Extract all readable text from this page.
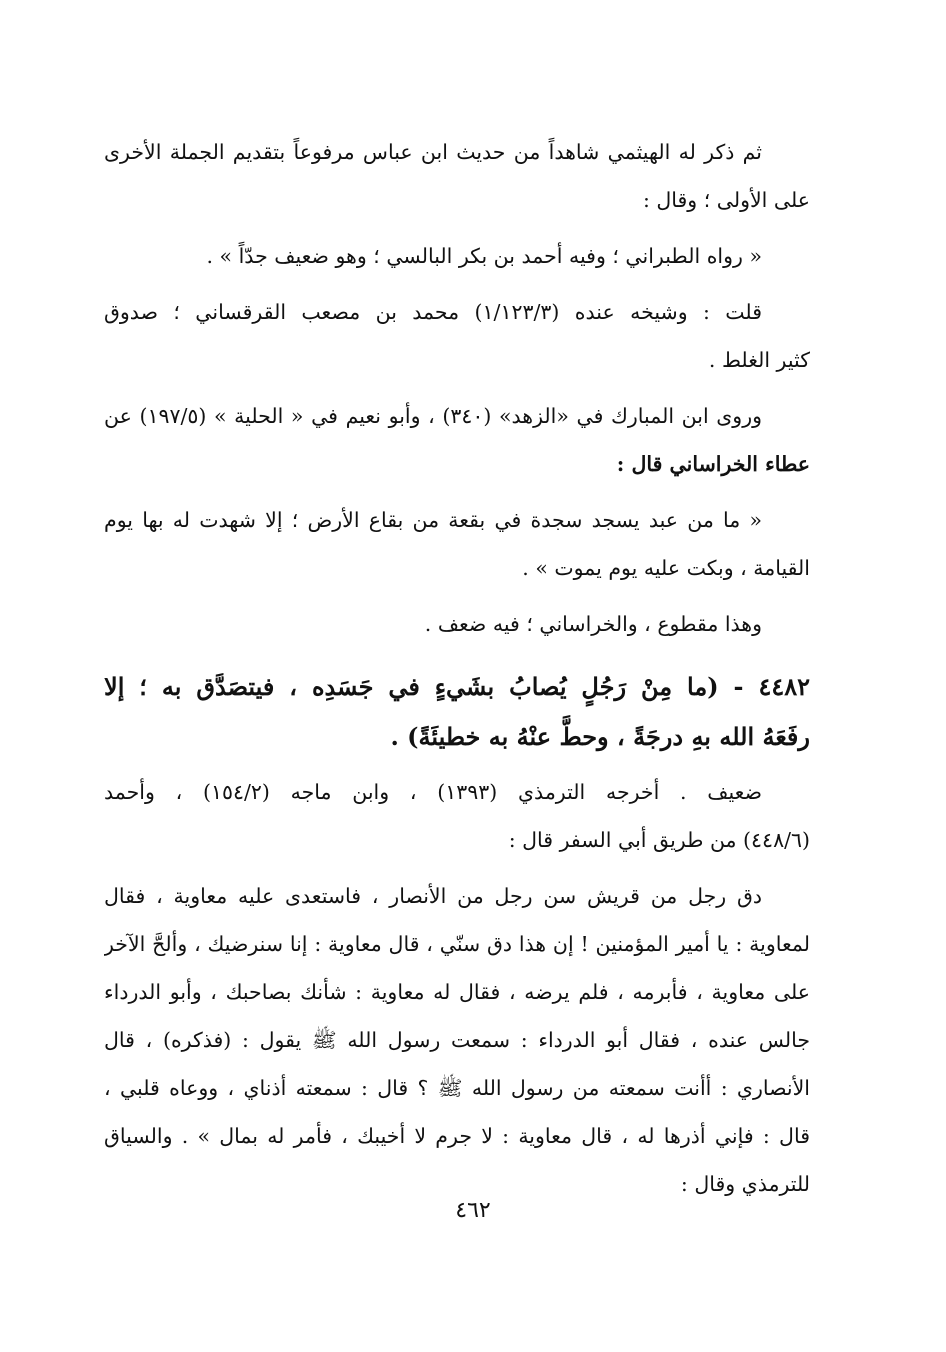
ثم ذكر له الهيثمي شاهداً من حديث ابن عباس مرفوعاً بتقديم الجملة الأخرى
على الأولى ؛ وقال :
« رواه الطبراني ؛ وفيه أحمد بن بكر البالسي ؛ وهو ضعيف جدّاً » .
قلت : وشيخه عنده (١/١٢٣/٣) محمد بن مصعب القرقساني ؛ صدوق
كثير الغلط .
وروى ابن المبارك في «الزهد» (٣٤٠) ، وأبو نعيم في « الحلية » (١٩٧/٥) عن
عطاء الخراساني قال :
« ما من عبد يسجد سجدة في بقعة من بقاع الأرض ؛ إلا شهدت له بها يوم
القيامة ، وبكت عليه يوم يموت » .
وهذا مقطوع ، والخراساني ؛ فيه ضعف .
٤٤٨٢ - (ما مِنْ رَجُلٍ يُصابُ بشَيءٍ في جَسَدِه ، فيتصَدَّق به ؛ إلا
رفَعَهُ الله بهِ درجَةً ، وحطَّ عنْهُ به خطيئَةً) .
ضعيف . أخرجه الترمذي (١٣٩٣) ، وابن ماجه (١٥٤/٢) ، وأحمد
(٤٤٨/٦) من طريق أبي السفر قال :
دق رجل من قريش سن رجل من الأنصار ، فاستعدى عليه معاوية ، فقال
لمعاوية : يا أمير المؤمنين ! إن هذا دق سنّي ، قال معاوية : إنا سنرضيك ، وألحَّ الآخر
على معاوية ، فأبرمه ، فلم يرضه ، فقال له معاوية : شأنك بصاحبك ، وأبو الدرداء
جالس عنده ، فقال أبو الدرداء : سمعت رسول الله ﷺ يقول : (فذكره) ، قال
الأنصاري : أأنت سمعته من رسول الله ﷺ ؟ قال : سمعته أذناي ، ووعاه قلبي ،
قال : فإني أذرها له ، قال معاوية : لا جرم لا أخيبك ، فأمر له بمال » . والسياق
للترمذي وقال :
٤٦٢
